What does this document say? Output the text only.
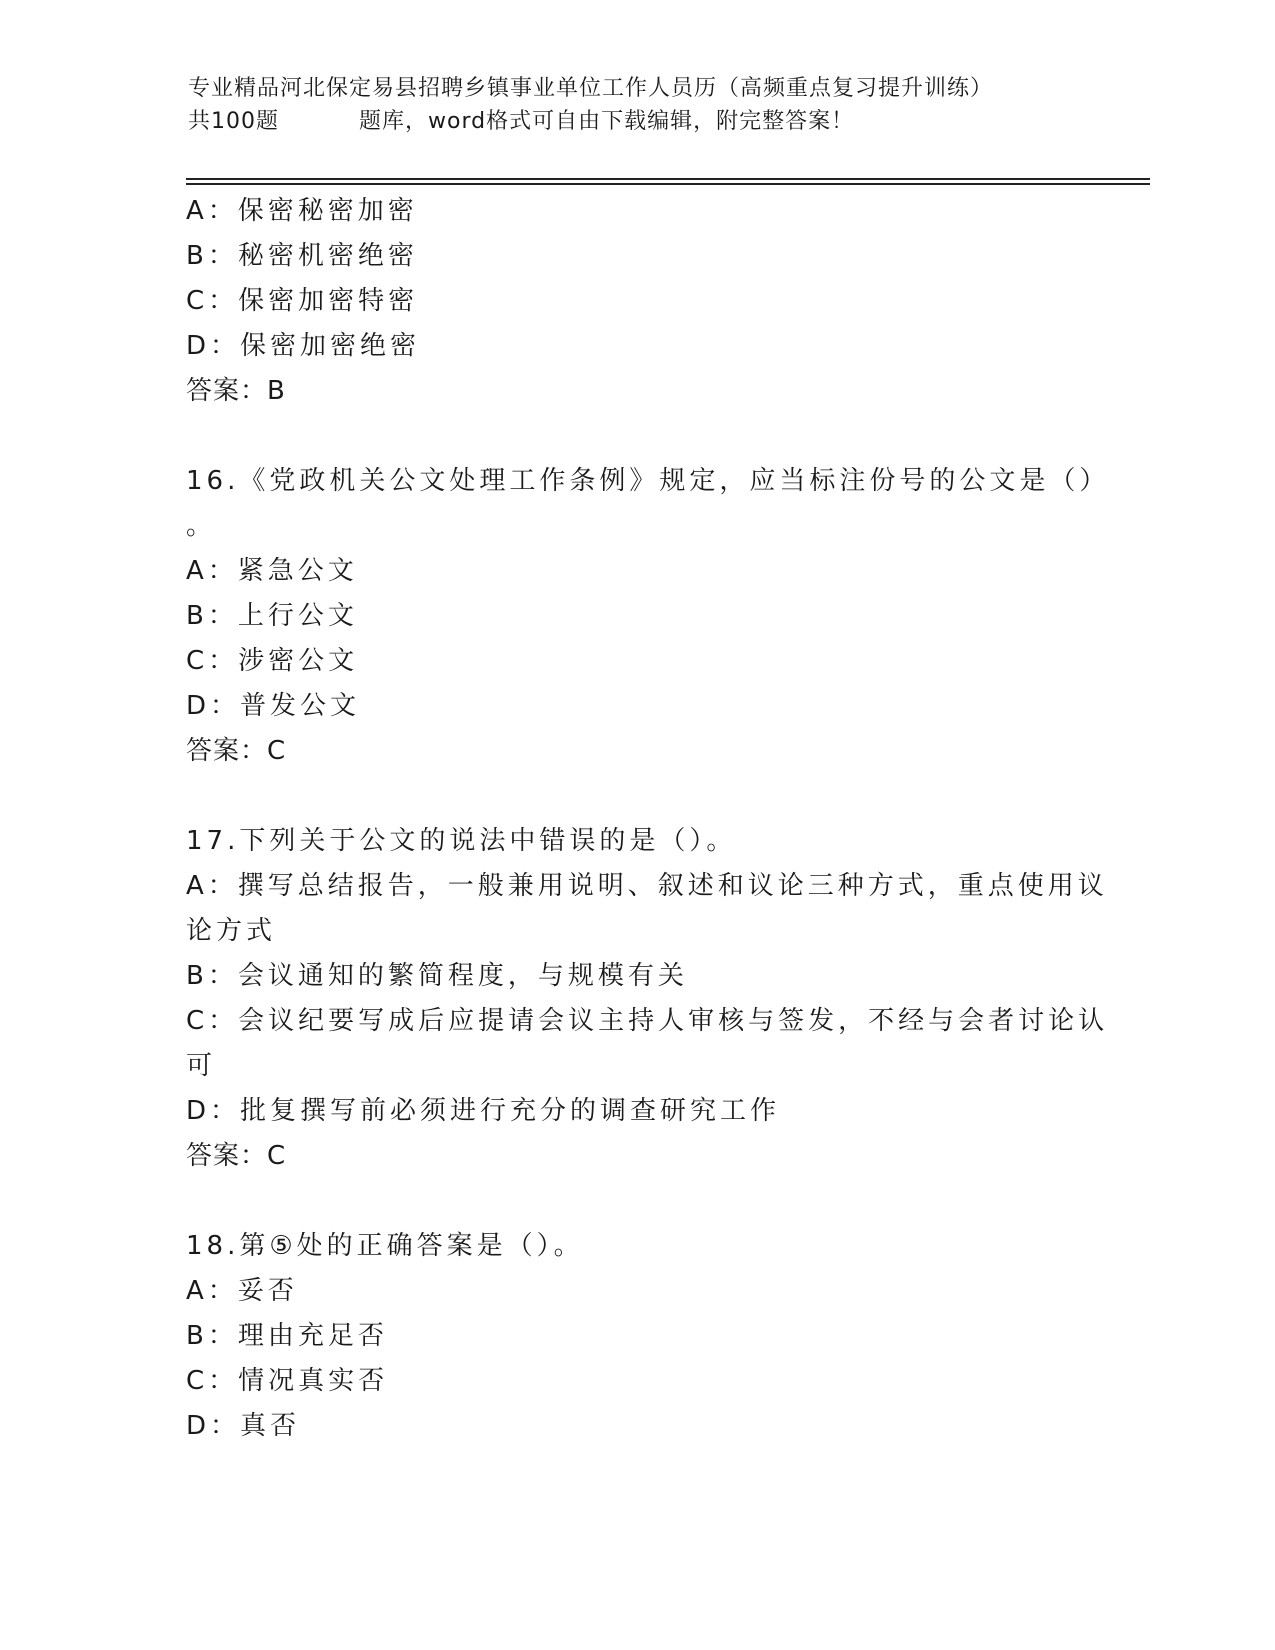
专业精品河北保定易县招聘乡镇事业单位工作人员历（高频重点复习提升训练）
共100题	题库，word格式可自由下载编辑，附完整答案！
A：保密秘密加密
B：秘密机密绝密
C：保密加密特密
D：保密加密绝密
答案：B
16.《党政机关公文处理工作条例》规定，应当标注份号的公文是（）
。
A：紧急公文
B：上行公文
C：涉密公文
D：普发公文
答案：C
17.下列关于公文的说法中错误的是（）。
A：撰写总结报告，一般兼用说明、叙述和议论三种方式，重点使用议
论方式
B：会议通知的繁简程度，与规模有关
C：会议纪要写成后应提请会议主持人审核与签发，不经与会者讨论认
可
D：批复撰写前必须进行充分的调查研究工作
答案：C
18.第⑤处的正确答案是（）。
A：妥否
B：理由充足否
C：情况真实否
D：真否
